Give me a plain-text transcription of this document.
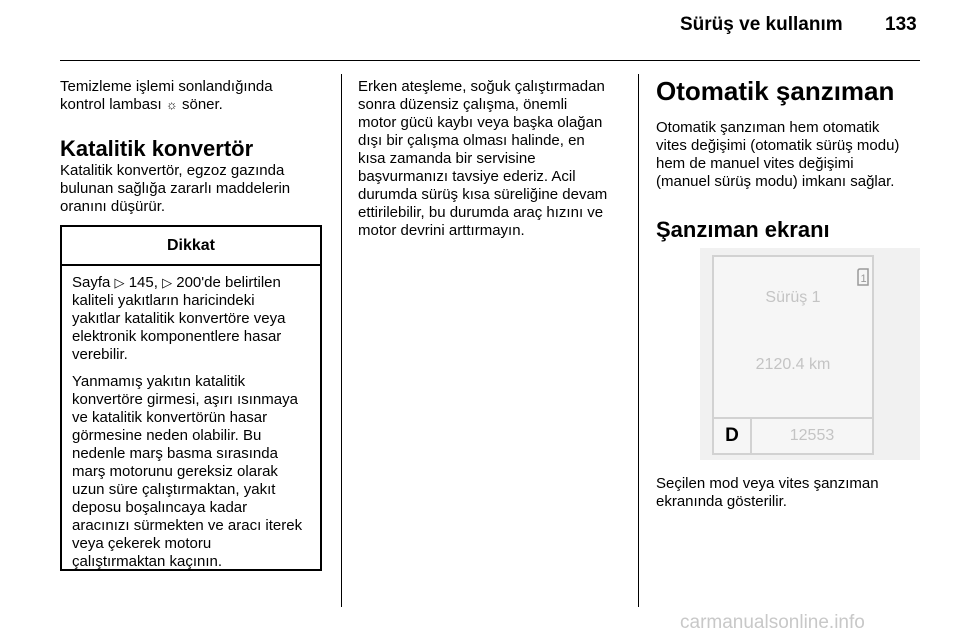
Sürüş ve kullanım 133

Temizleme işlemi sonlandığında

kontrol lambası ☼ söner.

Katalitik konvertör

Katalitik konvertör, egzoz gazında

bulunan sağlığa zararlı maddelerin

oranını düşürür.

Dikkat

Sayfa ▷ 145, ▷ 200'de belirtilen

kaliteli yakıtların haricindeki

yakıtlar katalitik konvertöre veya

elektronik komponentlere hasar

verebilir.

Yanmamış yakıtın katalitik

konvertöre girmesi, aşırı ısınmaya

ve katalitik konvertörün hasar

görmesine neden olabilir. Bu

nedenle marş basma sırasında

marş motorunu gereksiz olarak

uzun süre çalıştırmaktan, yakıt

deposu boşalıncaya kadar

aracınızı sürmekten ve aracı iterek

veya çekerek motoru

çalıştırmaktan kaçının.

Erken ateşleme, soğuk çalıştırmadan

sonra düzensiz çalışma, önemli

motor gücü kaybı veya başka olağan

dışı bir çalışma olması halinde, en

kısa zamanda bir servisine

başvurmanızı tavsiye ederiz. Acil

durumda sürüş kısa süreliğine devam

ettirilebilir, bu durumda araç hızını ve

motor devrini arttırmayın.

Otomatik şanzıman

Otomatik şanzıman hem otomatik

vites değişimi (otomatik sürüş modu)

hem de manuel vites değişimi

(manuel sürüş modu) imkanı sağlar.

Şanzıman ekranı
Sürüş 1
2120.4 km
D	12553
1

Seçilen mod veya vites şanzıman

ekranında gösterilir.

carmanualsonline.info
